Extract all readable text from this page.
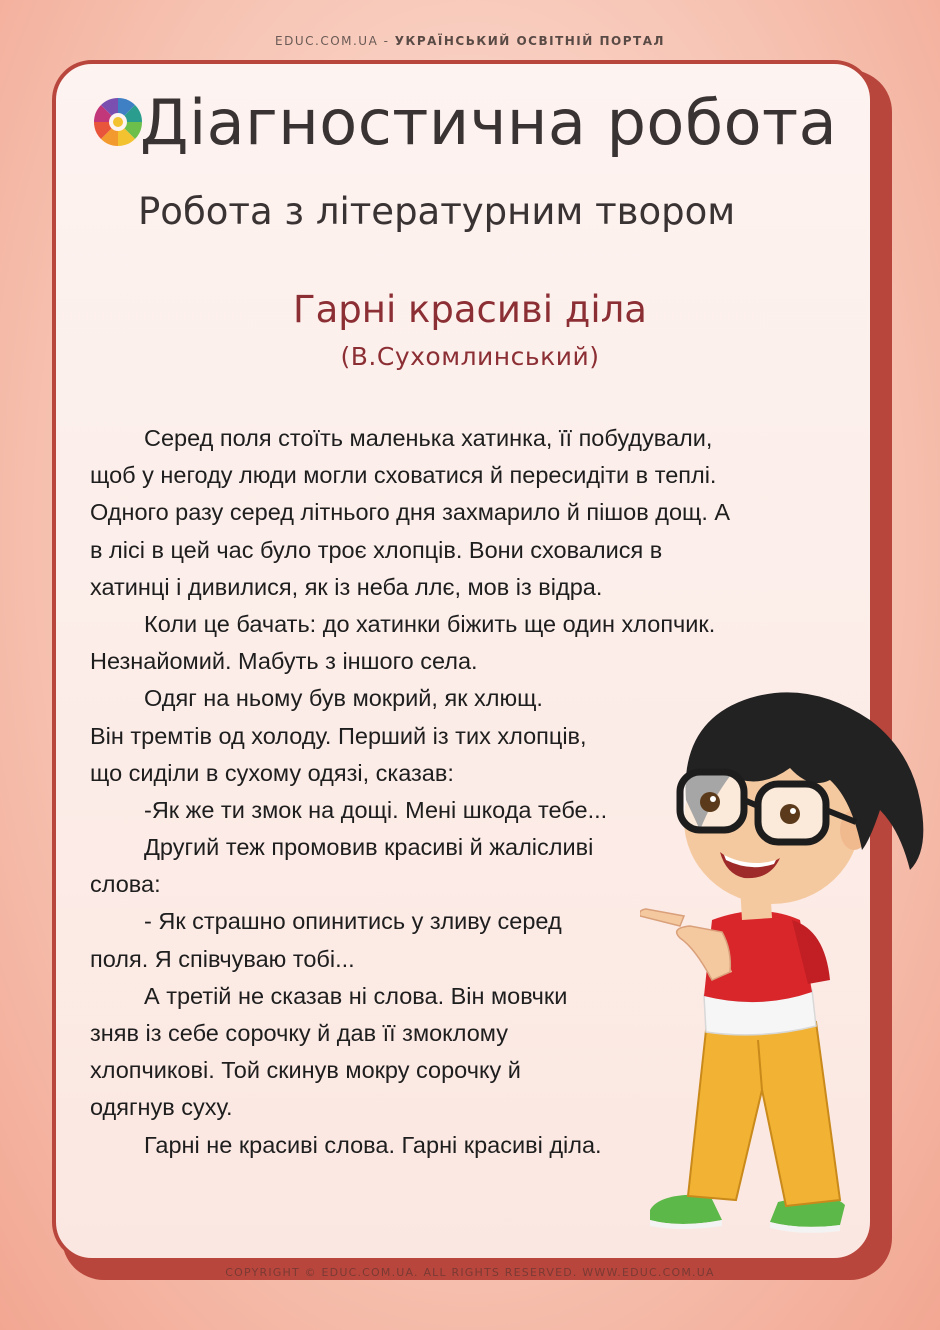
EDUC.COM.UA - УКРАЇНСЬКИЙ ОСВІТНІЙ ПОРТАЛ
Діагностична робота
Робота з літературним твором
Гарні красиві діла
(В.Сухомлинський)
Серед поля стоїть маленька хатинка, її побудували,
щоб у негоду люди могли сховатися й пересидіти в теплі.
Одного разу серед літнього дня захмарило й пішов дощ. А
в лісі в цей час було троє хлопців. Вони сховалися в
хатинці і дивилися, як із неба ллє, мов із відра.
Коли це бачать: до хатинки біжить ще один хлопчик.
Незнайомий. Мабуть з іншого села.
Одяг на ньому був мокрий, як хлющ.
Він тремтів од холоду. Перший із тих хлопців,
що сиділи в сухому одязі, сказав:
-Як же ти змок на дощі. Мені шкода тебе...
Другий теж промовив красиві й жалісливі
слова:
- Як страшно опинитись у зливу серед
поля. Я співчуваю тобі...
А третій не сказав ні слова. Він мовчки
зняв із себе сорочку й дав її змоклому
хлопчикові. Той скинув мокру сорочку й
одягнув суху.
Гарні не красиві слова. Гарні красиві діла.
COPYRIGHT © EDUC.COM.UA. ALL RIGHTS RESERVED. WWW.EDUC.COM.UA
